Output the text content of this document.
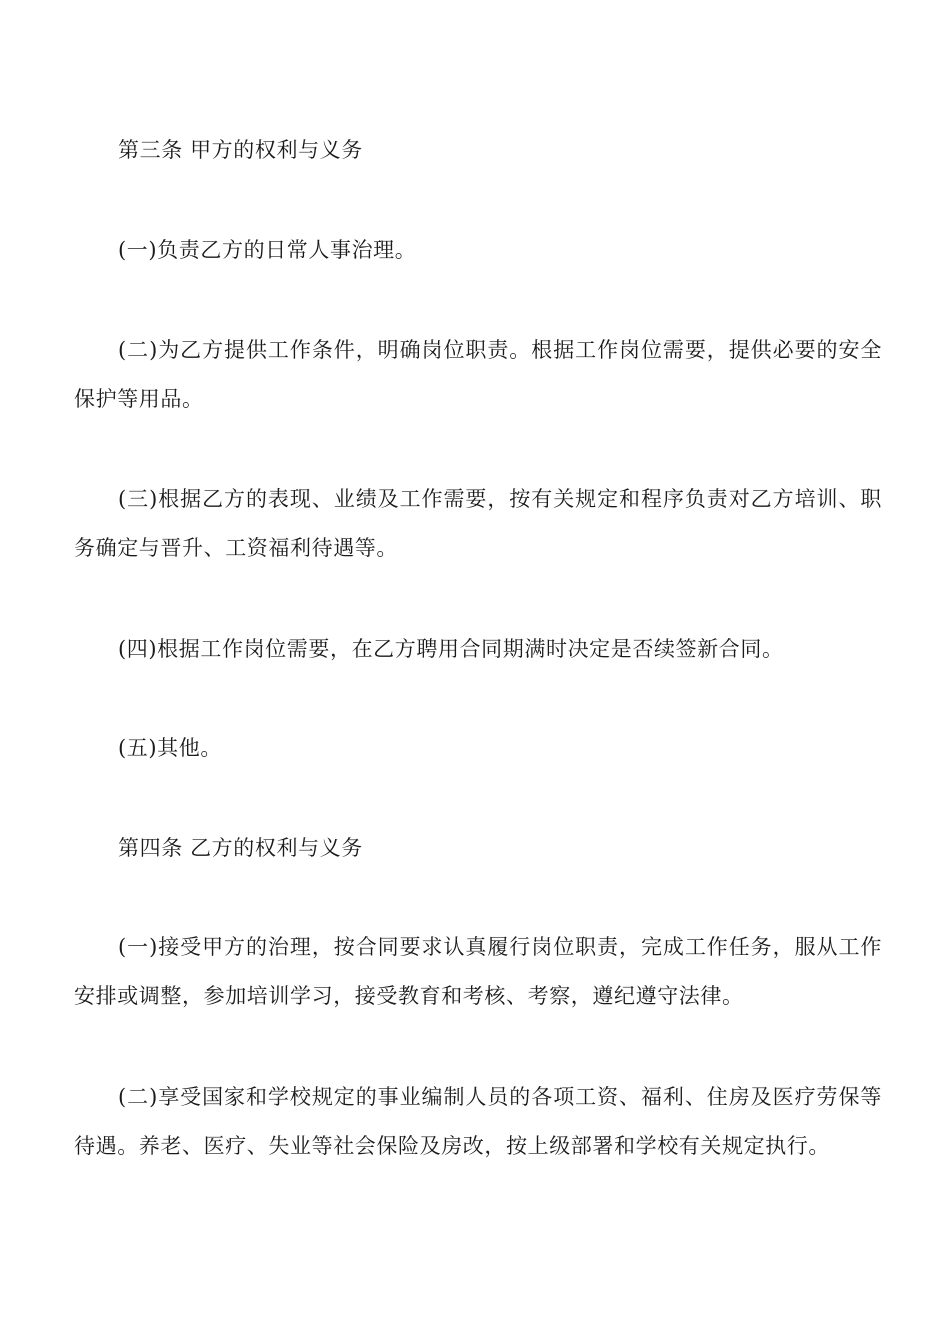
第三条 甲方的权利与义务

(一)负责乙方的日常人事治理。

(二)为乙方提供工作条件，明确岗位职责。根据工作岗位需要，提供必要的安全保护等用品。

(三)根据乙方的表现、业绩及工作需要，按有关规定和程序负责对乙方培训、职务确定与晋升、工资福利待遇等。

(四)根据工作岗位需要，在乙方聘用合同期满时决定是否续签新合同。

(五)其他。

第四条 乙方的权利与义务

(一)接受甲方的治理，按合同要求认真履行岗位职责，完成工作任务，服从工作安排或调整，参加培训学习，接受教育和考核、考察，遵纪遵守法律。

(二)享受国家和学校规定的事业编制人员的各项工资、福利、住房及医疗劳保等待遇。养老、医疗、失业等社会保险及房改，按上级部署和学校有关规定执行。
